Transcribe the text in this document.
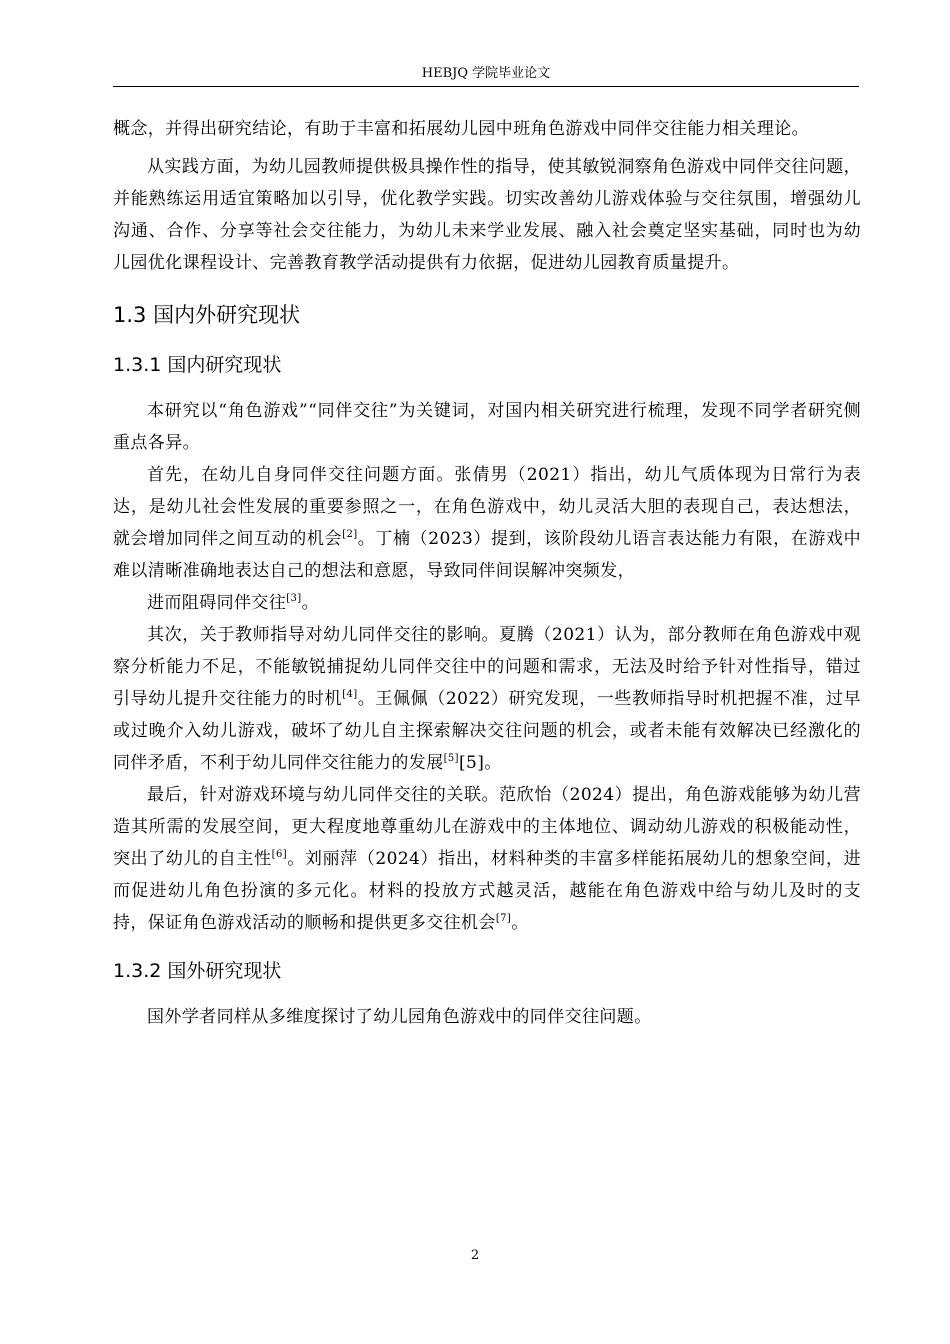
HEBJQ 学院毕业论文

概念，并得出研究结论，有助于丰富和拓展幼儿园中班角色游戏中同伴交往能力相关理论。

从实践方面，为幼儿园教师提供极具操作性的指导，使其敏锐洞察角色游戏中同伴交往问题，并能熟练运用适宜策略加以引导，优化教学实践。切实改善幼儿游戏体验与交往氛围，增强幼儿沟通、合作、分享等社会交往能力，为幼儿未来学业发展、融入社会奠定坚实基础，同时也为幼儿园优化课程设计、完善教育教学活动提供有力依据，促进幼儿园教育质量提升。

1.3 国内外研究现状
1.3.1 国内研究现状

本研究以“角色游戏”“同伴交往”为关键词，对国内相关研究进行梳理，发现不同学者研究侧重点各异。

首先，在幼儿自身同伴交往问题方面。张倩男（2021）指出，幼儿气质体现为日常行为表达，是幼儿社会性发展的重要参照之一，在角色游戏中，幼儿灵活大胆的表现自己，表达想法，就会增加同伴之间互动的机会[2]。丁楠（2023）提到，该阶段幼儿语言表达能力有限，在游戏中难以清晰准确地表达自己的想法和意愿，导致同伴间误解冲突频发，
进而阻碍同伴交往[3]。

其次，关于教师指导对幼儿同伴交往的影响。夏腾（2021）认为，部分教师在角色游戏中观察分析能力不足，不能敏锐捕捉幼儿同伴交往中的问题和需求，无法及时给予针对性指导，错过引导幼儿提升交往能力的时机[4]。王佩佩（2022）研究发现，一些教师指导时机把握不准，过早或过晚介入幼儿游戏，破坏了幼儿自主探索解决交往问题的机会，或者未能有效解决已经激化的同伴矛盾，不利于幼儿同伴交往能力的发展[5][5]。

最后，针对游戏环境与幼儿同伴交往的关联。范欣怡（2024）提出，角色游戏能够为幼儿营造其所需的发展空间，更大程度地尊重幼儿在游戏中的主体地位、调动幼儿游戏的积极能动性，突出了幼儿的自主性[6]。刘丽萍（2024）指出，材料种类的丰富多样能拓展幼儿的想象空间，进而促进幼儿角色扮演的多元化。材料的投放方式越灵活，越能在角色游戏中给与幼儿及时的支持，保证角色游戏活动的顺畅和提供更多交往机会[7]。

1.3.2 国外研究现状

国外学者同样从多维度探讨了幼儿园角色游戏中的同伴交往问题。

2
